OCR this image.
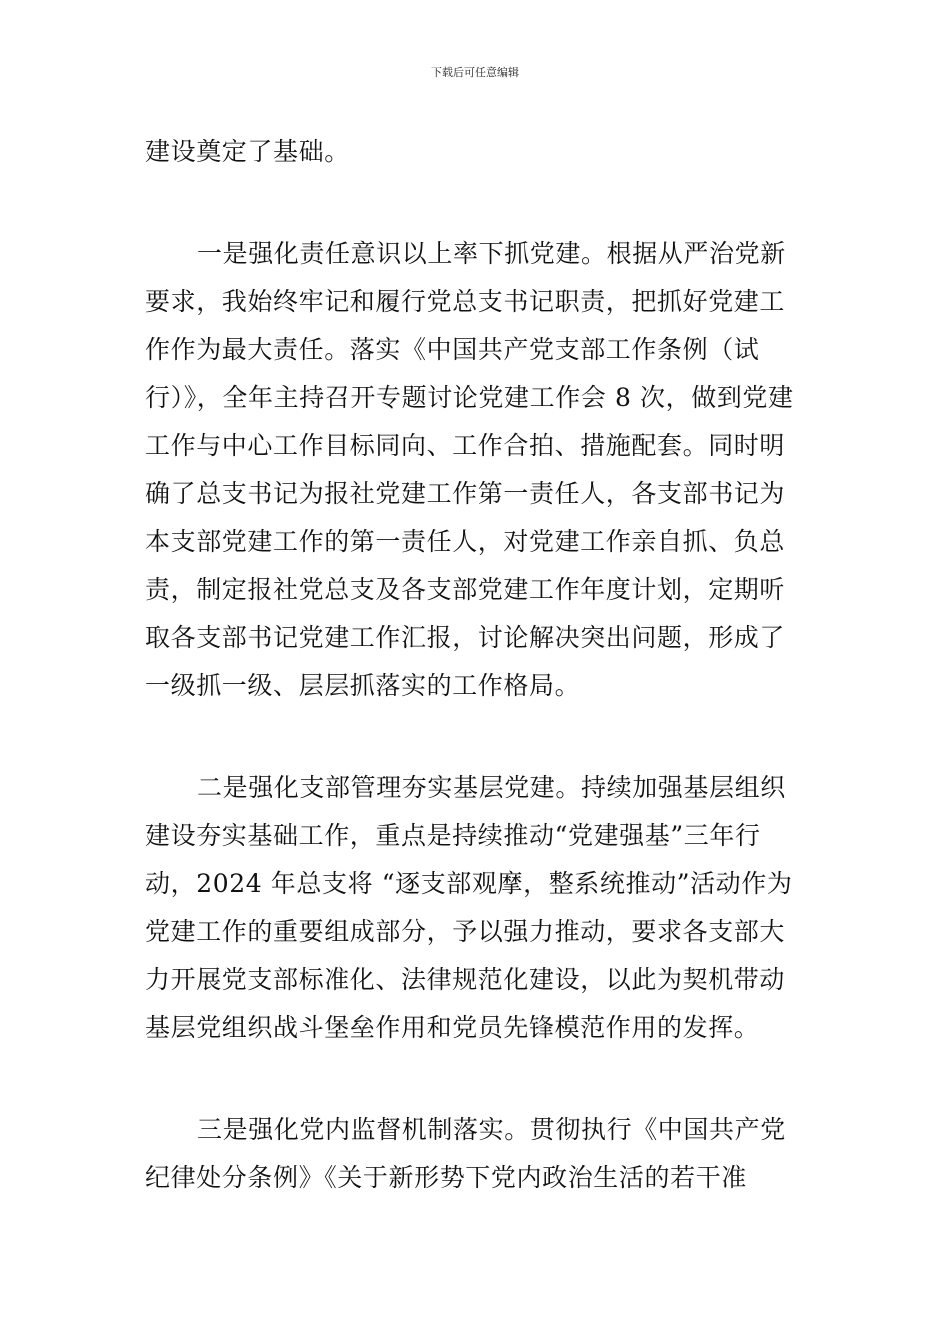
下载后可任意编辑
建设奠定了基础。
一是强化责任意识以上率下抓党建。根据从严治党新
要求，我始终牢记和履行党总支书记职责，把抓好党建工
作作为最大责任。落实《中国共产党支部工作条例（试
行）》，全年主持召开专题讨论党建工作会 8 次，做到党建
工作与中心工作目标同向、工作合拍、措施配套。同时明
确了总支书记为报社党建工作第一责任人，各支部书记为
本支部党建工作的第一责任人，对党建工作亲自抓、负总
责，制定报社党总支及各支部党建工作年度计划，定期听
取各支部书记党建工作汇报，讨论解决突出问题，形成了
一级抓一级、层层抓落实的工作格局。
二是强化支部管理夯实基层党建。持续加强基层组织
建设夯实基础工作，重点是持续推动“党建强基”三年行
动，2024 年总支将 “逐支部观摩，整系统推动”活动作为
党建工作的重要组成部分，予以强力推动，要求各支部大
力开展党支部标准化、法律规范化建设，以此为契机带动
基层党组织战斗堡垒作用和党员先锋模范作用的发挥。
三是强化党内监督机制落实。贯彻执行《中国共产党
纪律处分条例》《关于新形势下党内政治生活的若干准
